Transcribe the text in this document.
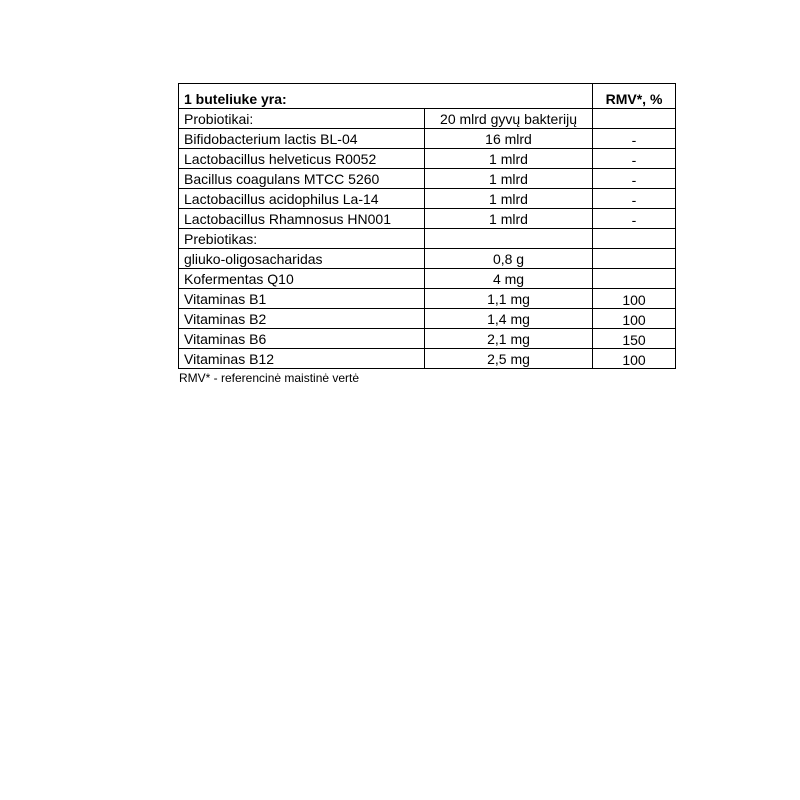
1 buteliuke yra:		RMV*, %
Probiotikai:	20 mlrd gyvų bakterijų	
Bifidobacterium lactis BL-04	16 mlrd	-
Lactobacillus helveticus R0052	1 mlrd	-
Bacillus coagulans MTCC 5260	1 mlrd	-
Lactobacillus acidophilus La-14	1 mlrd	-
Lactobacillus Rhamnosus HN001	1 mlrd	-
Prebiotikas:		
gliuko-oligosacharidas	0,8 g	
Kofermentas Q10	4 mg	
Vitaminas B1	1,1 mg	100
Vitaminas B2	1,4 mg	100
Vitaminas B6	2,1 mg	150
Vitaminas B12	2,5 mg	100
RMV* - referencinė maistinė vertė
